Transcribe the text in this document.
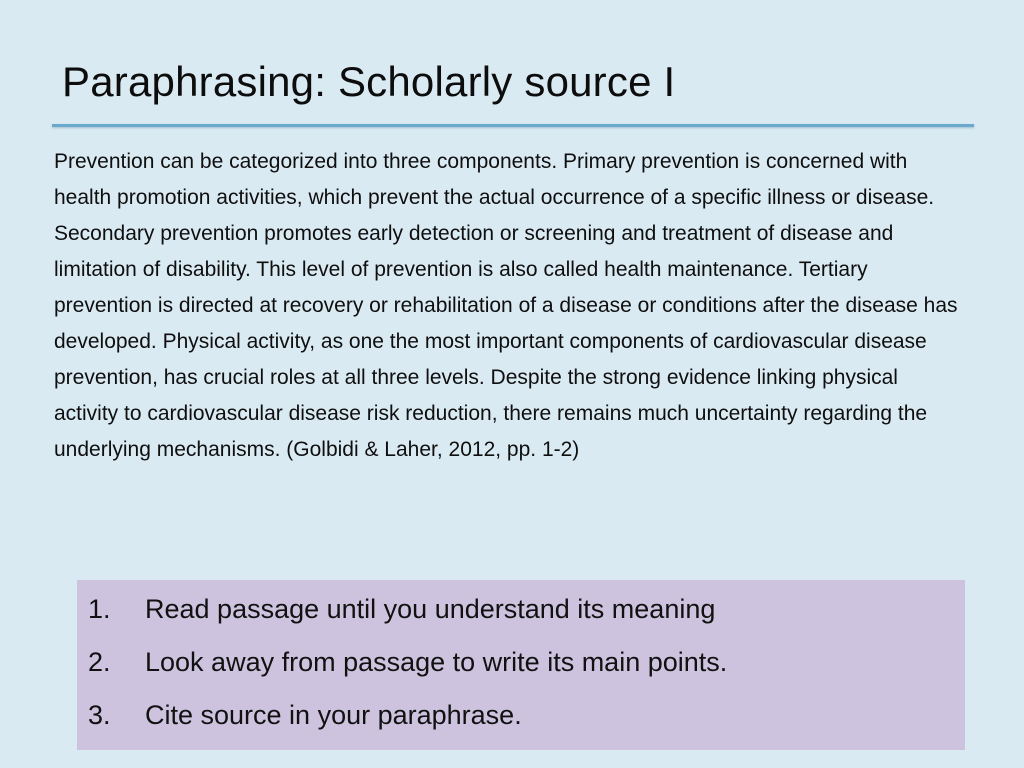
Paraphrasing: Scholarly source I

Prevention can be categorized into three components. Primary prevention is concerned with health promotion activities, which prevent the actual occurrence of a specific illness or disease. Secondary prevention promotes early detection or screening and treatment of disease and limitation of disability. This level of prevention is also called health maintenance. Tertiary prevention is directed at recovery or rehabilitation of a disease or conditions after the disease has developed. Physical activity, as one the most important components of cardiovascular disease prevention, has crucial roles at all three levels. Despite the strong evidence linking physical activity to cardiovascular disease risk reduction, there remains much uncertainty regarding the underlying mechanisms. (Golbidi & Laher, 2012, pp. 1-2)

1. Read passage until you understand its meaning
2. Look away from passage to write its main points.
3. Cite source in your paraphrase.
